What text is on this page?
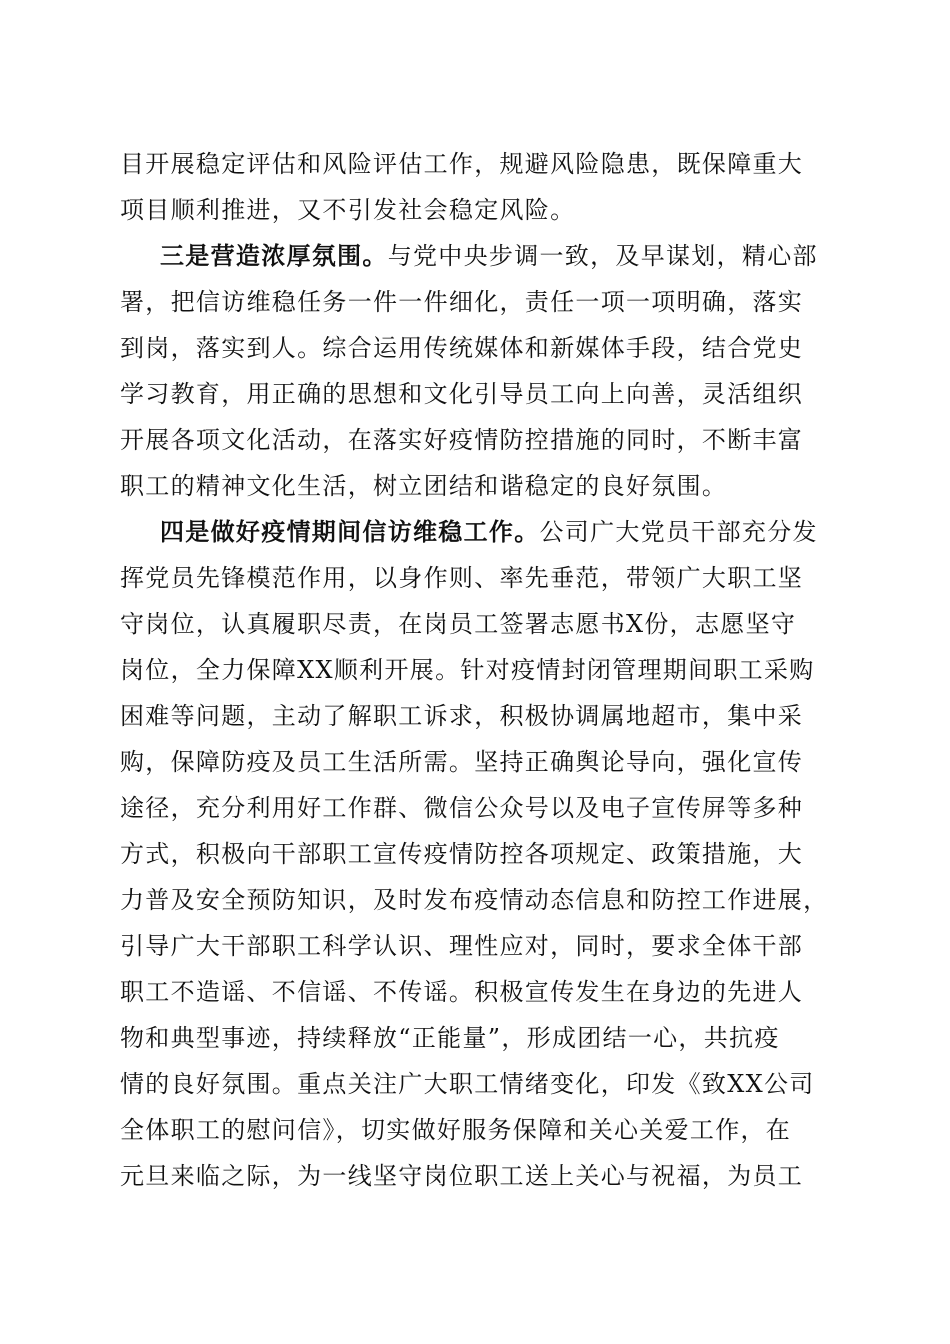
目开展稳定评估和风险评估工作，规避风险隐患，既保障重大
项目顺利推进，又不引发社会稳定风险。
三是营造浓厚氛围。与党中央步调一致，及早谋划，精心部
署，把信访维稳任务一件一件细化，责任一项一项明确，落实
到岗，落实到人。综合运用传统媒体和新媒体手段，结合党史
学习教育，用正确的思想和文化引导员工向上向善，灵活组织
开展各项文化活动，在落实好疫情防控措施的同时，不断丰富
职工的精神文化生活，树立团结和谐稳定的良好氛围。
四是做好疫情期间信访维稳工作。公司广大党员干部充分发
挥党员先锋模范作用，以身作则、率先垂范，带领广大职工坚
守岗位，认真履职尽责，在岗员工签署志愿书X份，志愿坚守
岗位，全力保障XX顺利开展。针对疫情封闭管理期间职工采购
困难等问题，主动了解职工诉求，积极协调属地超市，集中采
购，保障防疫及员工生活所需。坚持正确舆论导向，强化宣传
途径，充分利用好工作群、微信公众号以及电子宣传屏等多种
方式，积极向干部职工宣传疫情防控各项规定、政策措施，大
力普及安全预防知识，及时发布疫情动态信息和防控工作进展，
引导广大干部职工科学认识、理性应对，同时，要求全体干部
职工不造谣、不信谣、不传谣。积极宣传发生在身边的先进人
物和典型事迹，持续释放“正能量”，形成团结一心，共抗疫
情的良好氛围。重点关注广大职工情绪变化，印发《致XX公司
全体职工的慰问信》，切实做好服务保障和关心关爱工作，在
元旦来临之际，为一线坚守岗位职工送上关心与祝福，为员工
